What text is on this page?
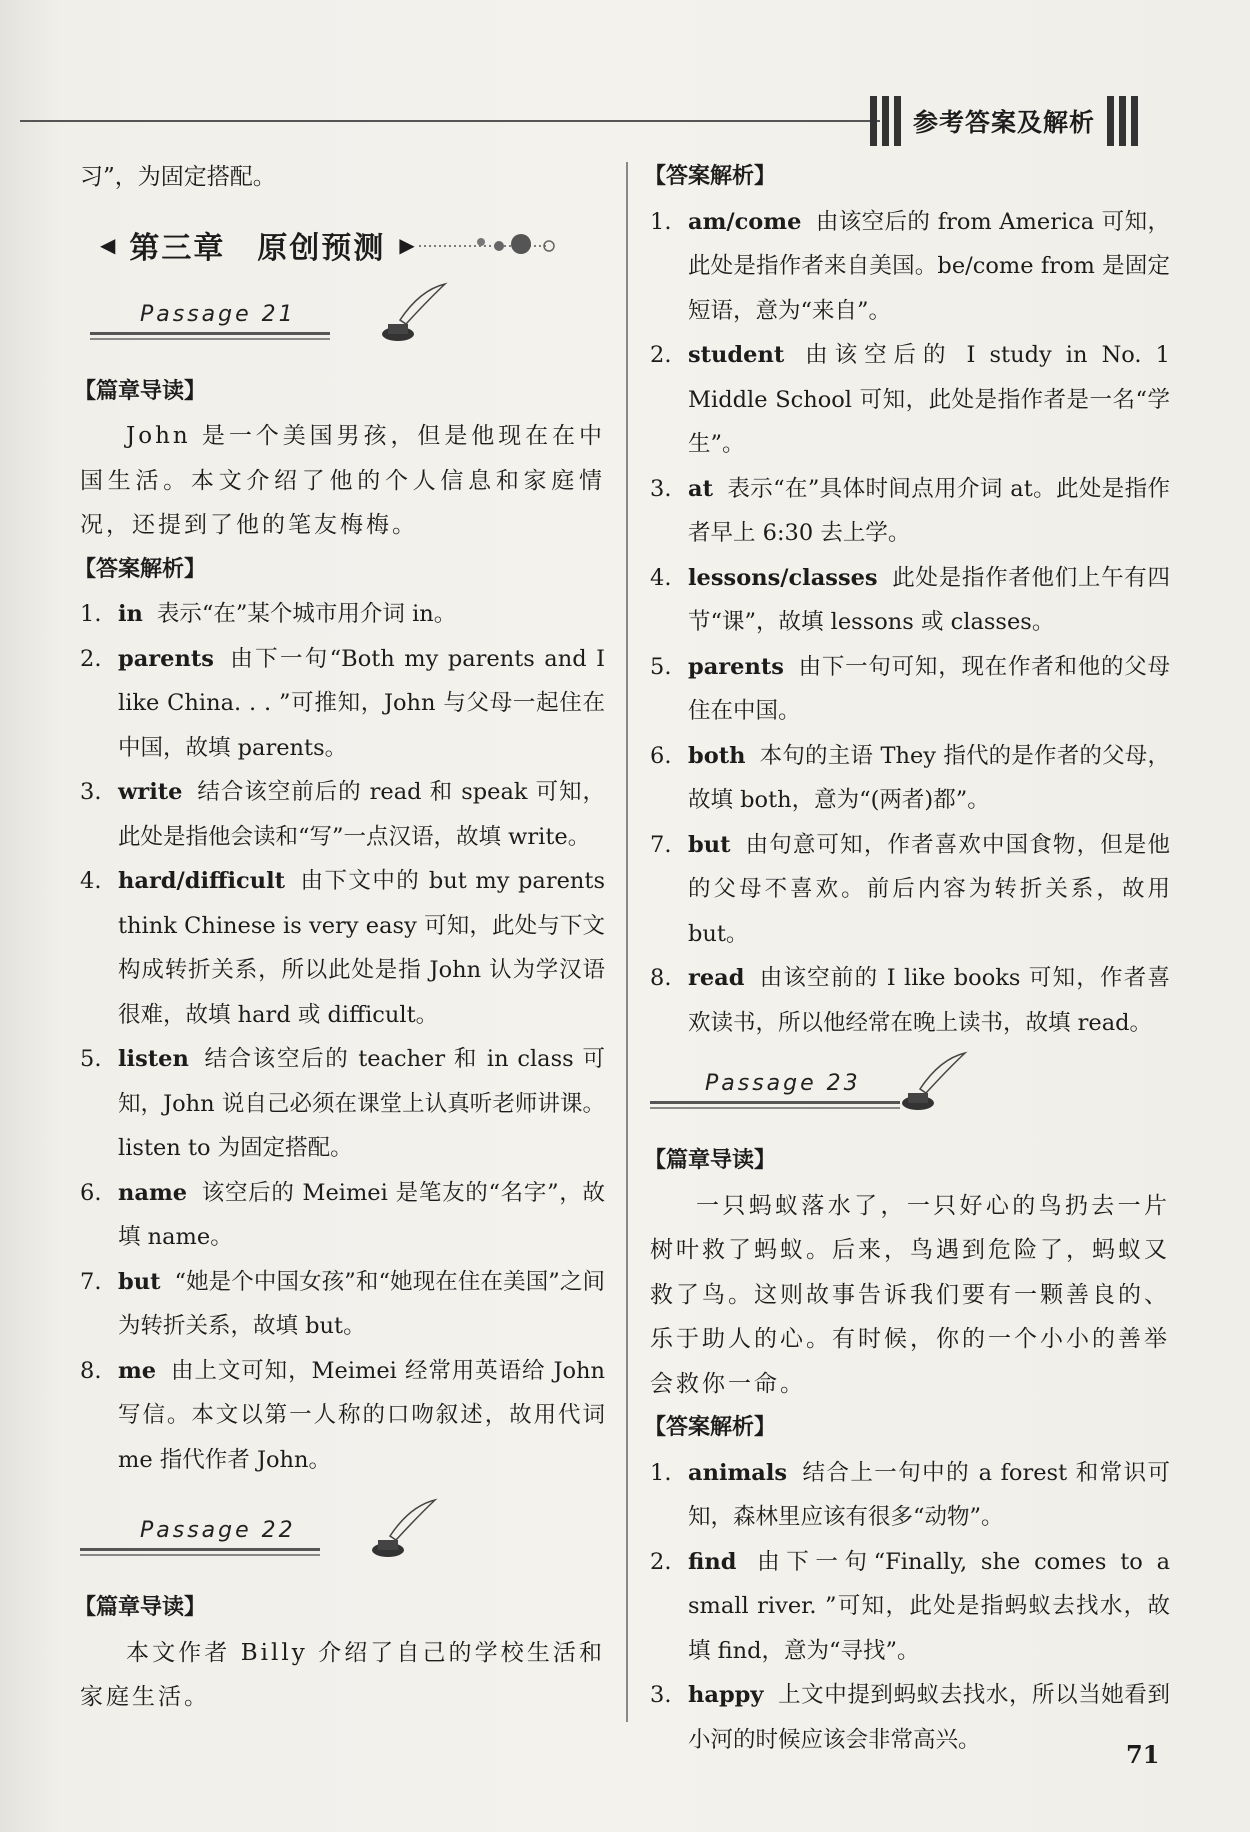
参考答案及解析

习”，为固定搭配。

◀ 第三章　原创预测 ▶
Passage 21

【篇章导读】

John 是一个美国男孩，但是他现在在中国生活。本文介绍了他的个人信息和家庭情况，还提到了他的笔友梅梅。

【答案解析】

1. in 表示“在”某个城市用介词 in。
2. parents 由下一句“Both my parents and I like China. . . ”可推知，John 与父母一起住在中国，故填 parents。
3. write 结合该空前后的 read 和 speak 可知，此处是指他会读和“写”一点汉语，故填 write。
4. hard/difficult 由下文中的 but my parents think Chinese is very easy 可知，此处与下文构成转折关系，所以此处是指 John 认为学汉语很难，故填 hard 或 difficult。
5. listen 结合该空后的 teacher 和 in class 可知，John 说自己必须在课堂上认真听老师讲课。listen to 为固定搭配。
6. name 该空后的 Meimei 是笔友的“名字”，故填 name。
7. but “她是个中国女孩”和“她现在住在美国”之间为转折关系，故填 but。
8. me 由上文可知，Meimei 经常用英语给 John 写信。本文以第一人称的口吻叙述，故用代词 me 指代作者 John。
Passage 22

【篇章导读】

本文作者 Billy 介绍了自己的学校生活和家庭生活。

【答案解析】

1. am/come 由该空后的 from America 可知，此处是指作者来自美国。be/come from 是固定短语，意为“来自”。
2. student 由该空后的 I study in No. 1 Middle School 可知，此处是指作者是一名“学生”。
3. at 表示“在”具体时间点用介词 at。此处是指作者早上 6:30 去上学。
4. lessons/classes 此处是指作者他们上午有四节“课”，故填 lessons 或 classes。
5. parents 由下一句可知，现在作者和他的父母住在中国。
6. both 本句的主语 They 指代的是作者的父母，故填 both，意为“(两者)都”。
7. but 由句意可知，作者喜欢中国食物，但是他的父母不喜欢。前后内容为转折关系，故用 but。
8. read 由该空前的 I like books 可知，作者喜欢读书，所以他经常在晚上读书，故填 read。
Passage 23

【篇章导读】

一只蚂蚁落水了，一只好心的鸟扔去一片树叶救了蚂蚁。后来，鸟遇到危险了，蚂蚁又救了鸟。这则故事告诉我们要有一颗善良的、乐于助人的心。有时候，你的一个小小的善举会救你一命。

【答案解析】

1. animals 结合上一句中的 a forest 和常识可知，森林里应该有很多“动物”。
2. find 由下一句“Finally, she comes to a small river. ”可知，此处是指蚂蚁去找水，故填 find，意为“寻找”。
3. happy 上文中提到蚂蚁去找水，所以当她看到小河的时候应该会非常高兴。
71
